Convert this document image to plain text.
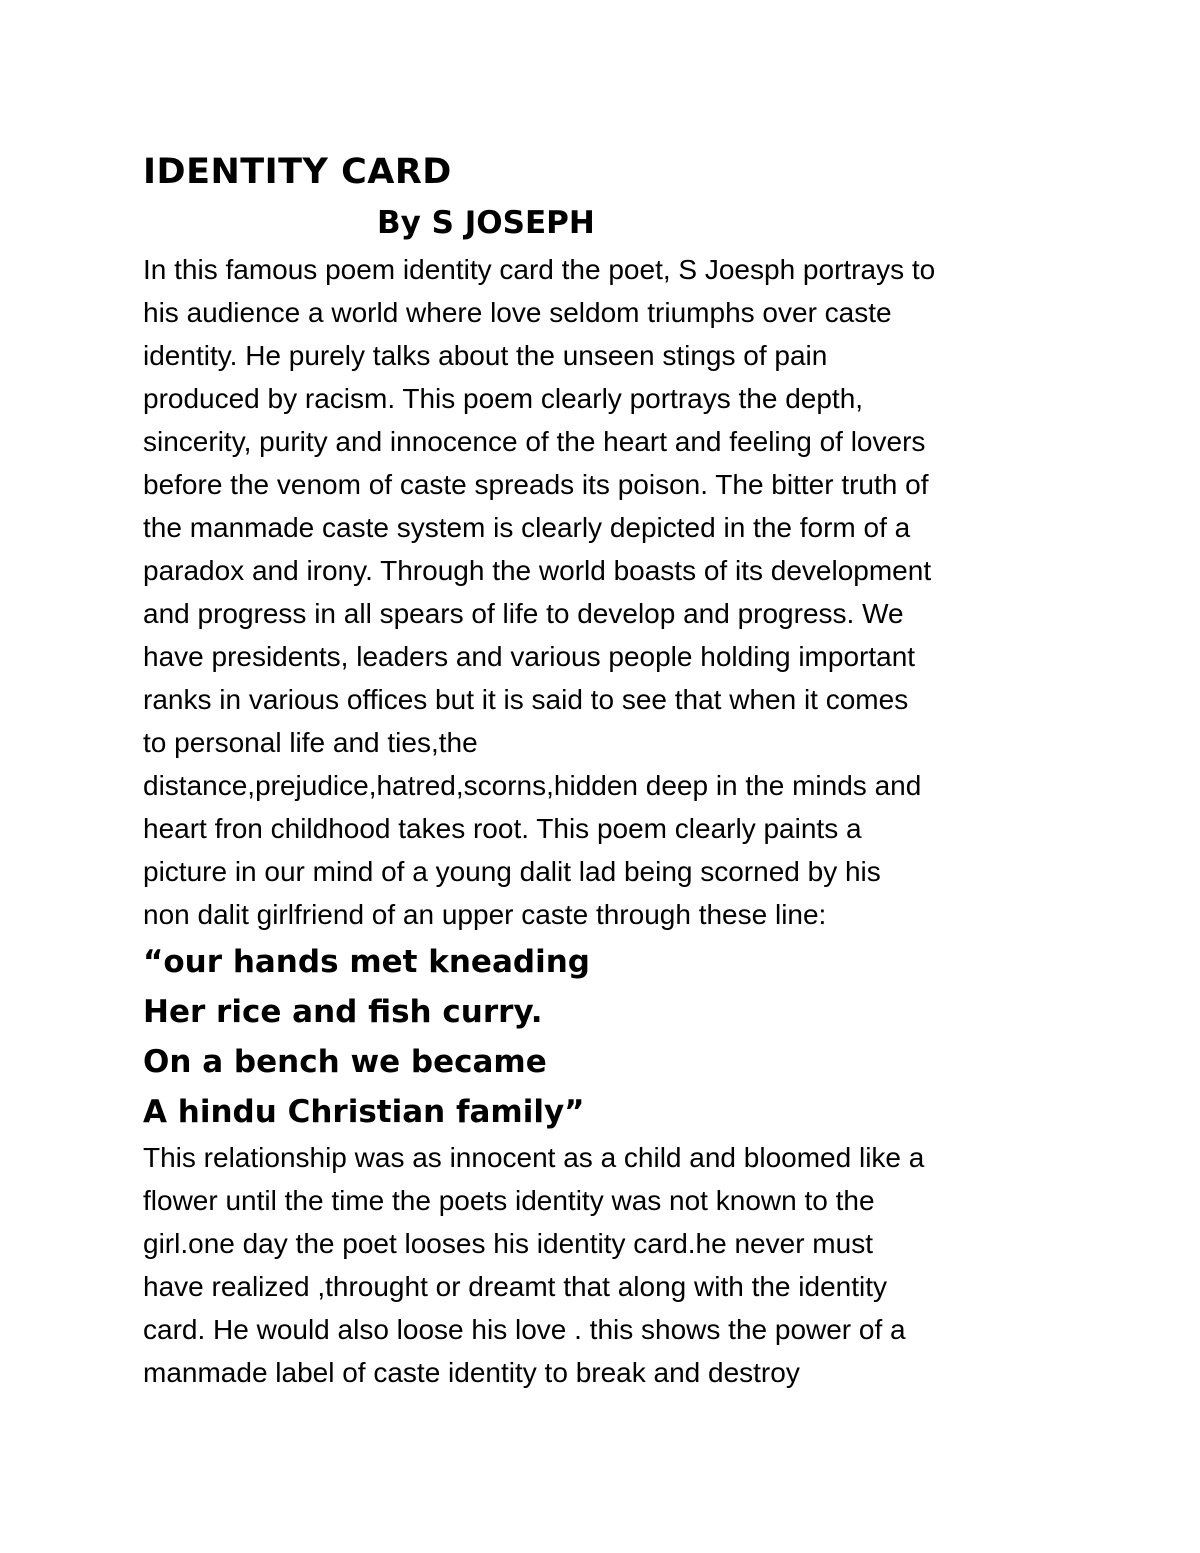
IDENTITY CARD
By S JOSEPH
In this famous poem identity card the poet, S Joesph portrays to
his audience a world where love seldom triumphs over caste
identity. He purely talks about the unseen stings of pain
produced by racism. This poem clearly portrays the depth,
sincerity, purity and innocence of the heart and feeling of lovers
before the venom of caste spreads its poison. The bitter truth of
the manmade caste system is clearly depicted in the form of a
paradox and irony. Through the world boasts of its development
and progress in all spears of life to develop and progress. We
have presidents, leaders and various people holding important
ranks in various offices but it is said to see that when it comes
to personal life and ties,the
distance,prejudice,hatred,scorns,hidden deep in the minds and
heart fron childhood takes root. This poem clearly paints a
picture in our mind of a young dalit lad being scorned by his
non dalit girlfriend of an upper caste through these line:
“our hands met kneading
Her rice and fish curry.
On a bench we became
A hindu Christian family”
This relationship was as innocent as a child and bloomed like a
flower until the time the poets identity was not known to the
girl.one day the poet looses his identity card.he never must
have realized ,throught or dreamt that along with the identity
card. He would also loose his love . this shows the power of a
manmade label of caste identity to break and destroy
